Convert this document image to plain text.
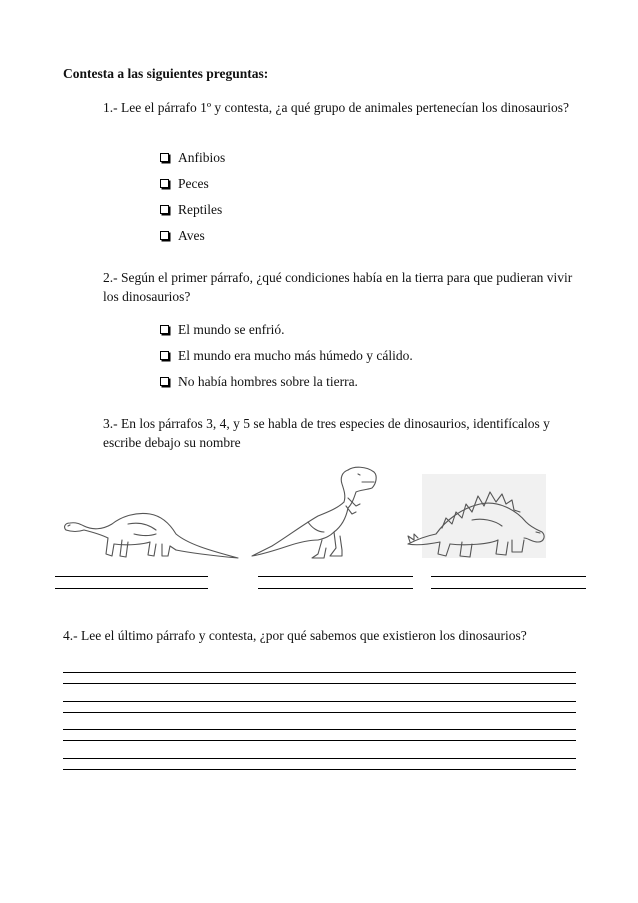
Contesta a las siguientes preguntas:
1.- Lee el párrafo 1º y contesta, ¿a qué grupo de animales pertenecían los dinosaurios?
Anfibios
Peces
Reptiles
Aves
2.- Según el primer párrafo, ¿qué condiciones había en la tierra para que pudieran vivir los dinosaurios?
El mundo se enfrió.
El mundo era mucho más húmedo y cálido.
No había hombres sobre la tierra.
3.- En los párrafos 3, 4, y 5 se habla de tres especies de dinosaurios, identifícalos y escribe debajo su nombre
4.- Lee el último párrafo y contesta, ¿por qué sabemos que existieron los dinosaurios?
